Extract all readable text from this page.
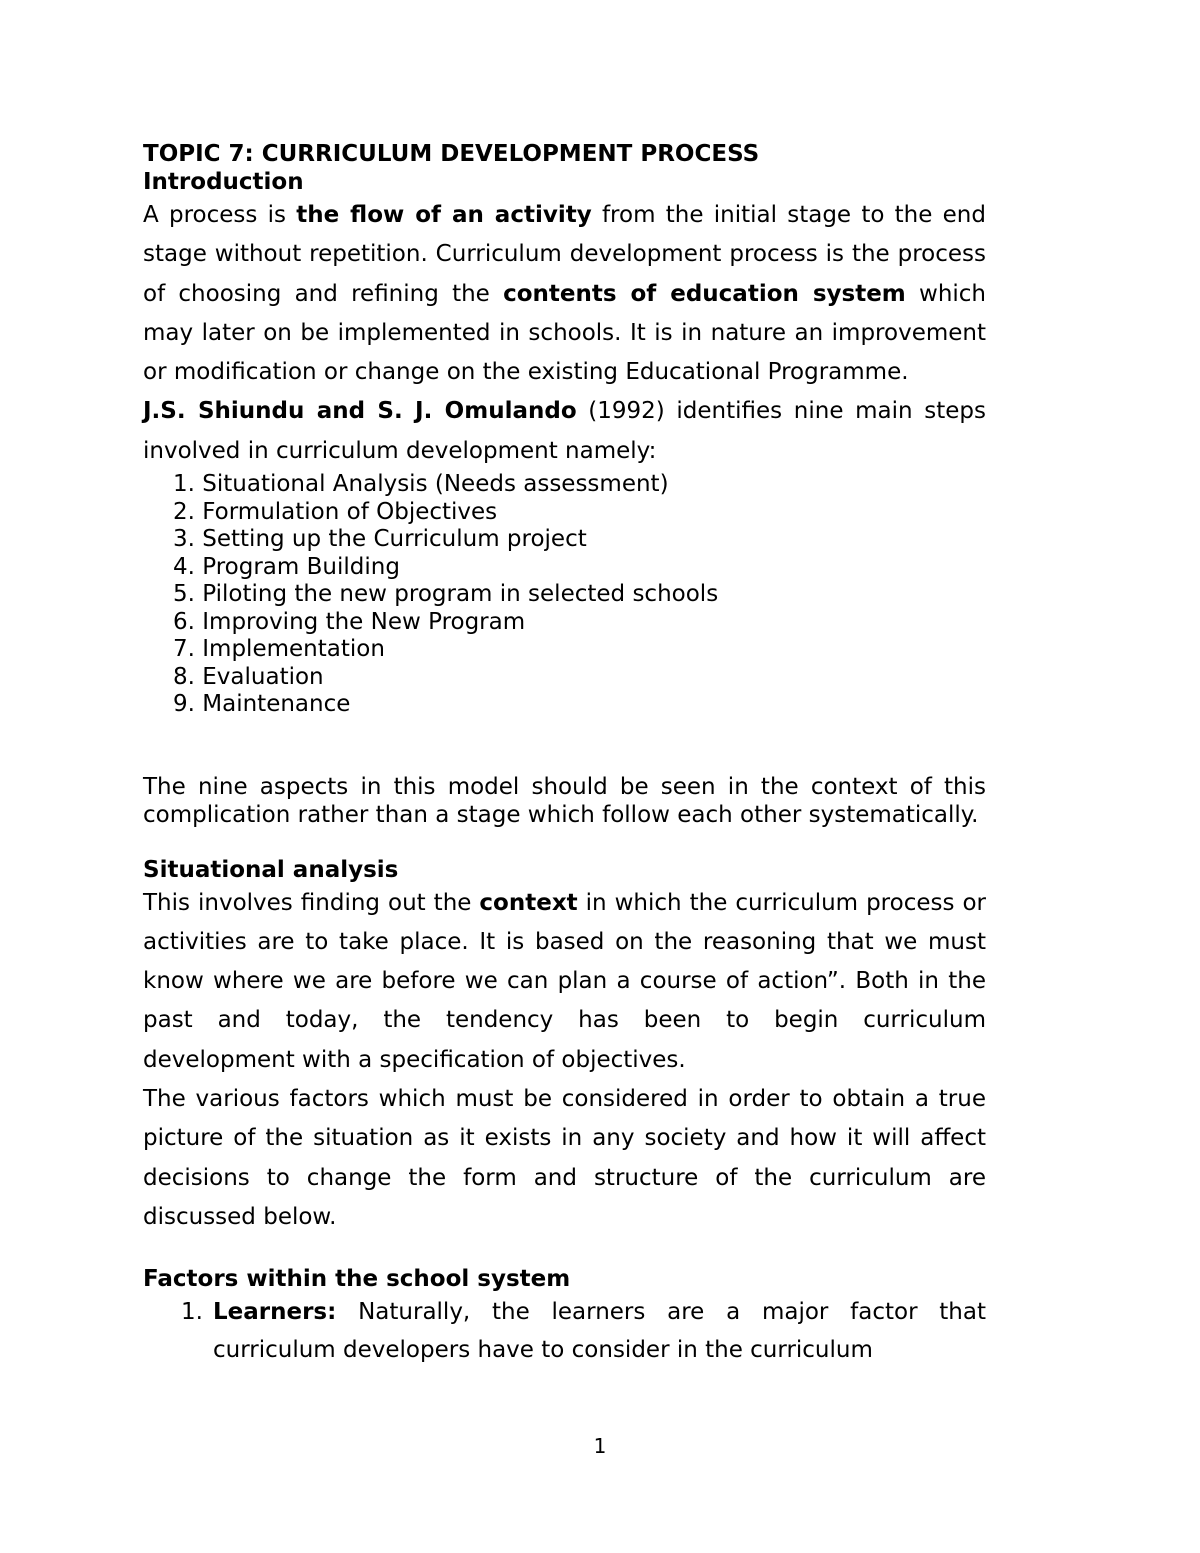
TOPIC 7: CURRICULUM DEVELOPMENT PROCESS

Introduction

A process is the flow of an activity from the initial stage to the end stage without repetition. Curriculum development process is the process of choosing and refining the contents of education system which may later on be implemented in schools. It is in nature an improvement or modification or change on the existing Educational Programme.

J.S. Shiundu and S. J. Omulando (1992) identifies nine main steps involved in curriculum development namely:

1. Situational Analysis (Needs assessment)
2. Formulation of Objectives
3. Setting up the Curriculum project
4. Program Building
5. Piloting the new program in selected schools
6. Improving the New Program
7. Implementation
8. Evaluation
9. Maintenance

The nine aspects in this model should be seen in the context of this complication rather than a stage which follow each other systematically.

Situational analysis

This involves finding out the context in which the curriculum process or activities are to take place. It is based on the reasoning that we must know where we are before we can plan a course of action”. Both in the past and today, the tendency has been to begin curriculum development with a specification of objectives.

The various factors which must be considered in order to obtain a true picture of the situation as it exists in any society and how it will affect decisions to change the form and structure of the curriculum are discussed below.

Factors within the school system

1. Learners: Naturally, the learners are a major factor that curriculum developers have to consider in the curriculum

1
